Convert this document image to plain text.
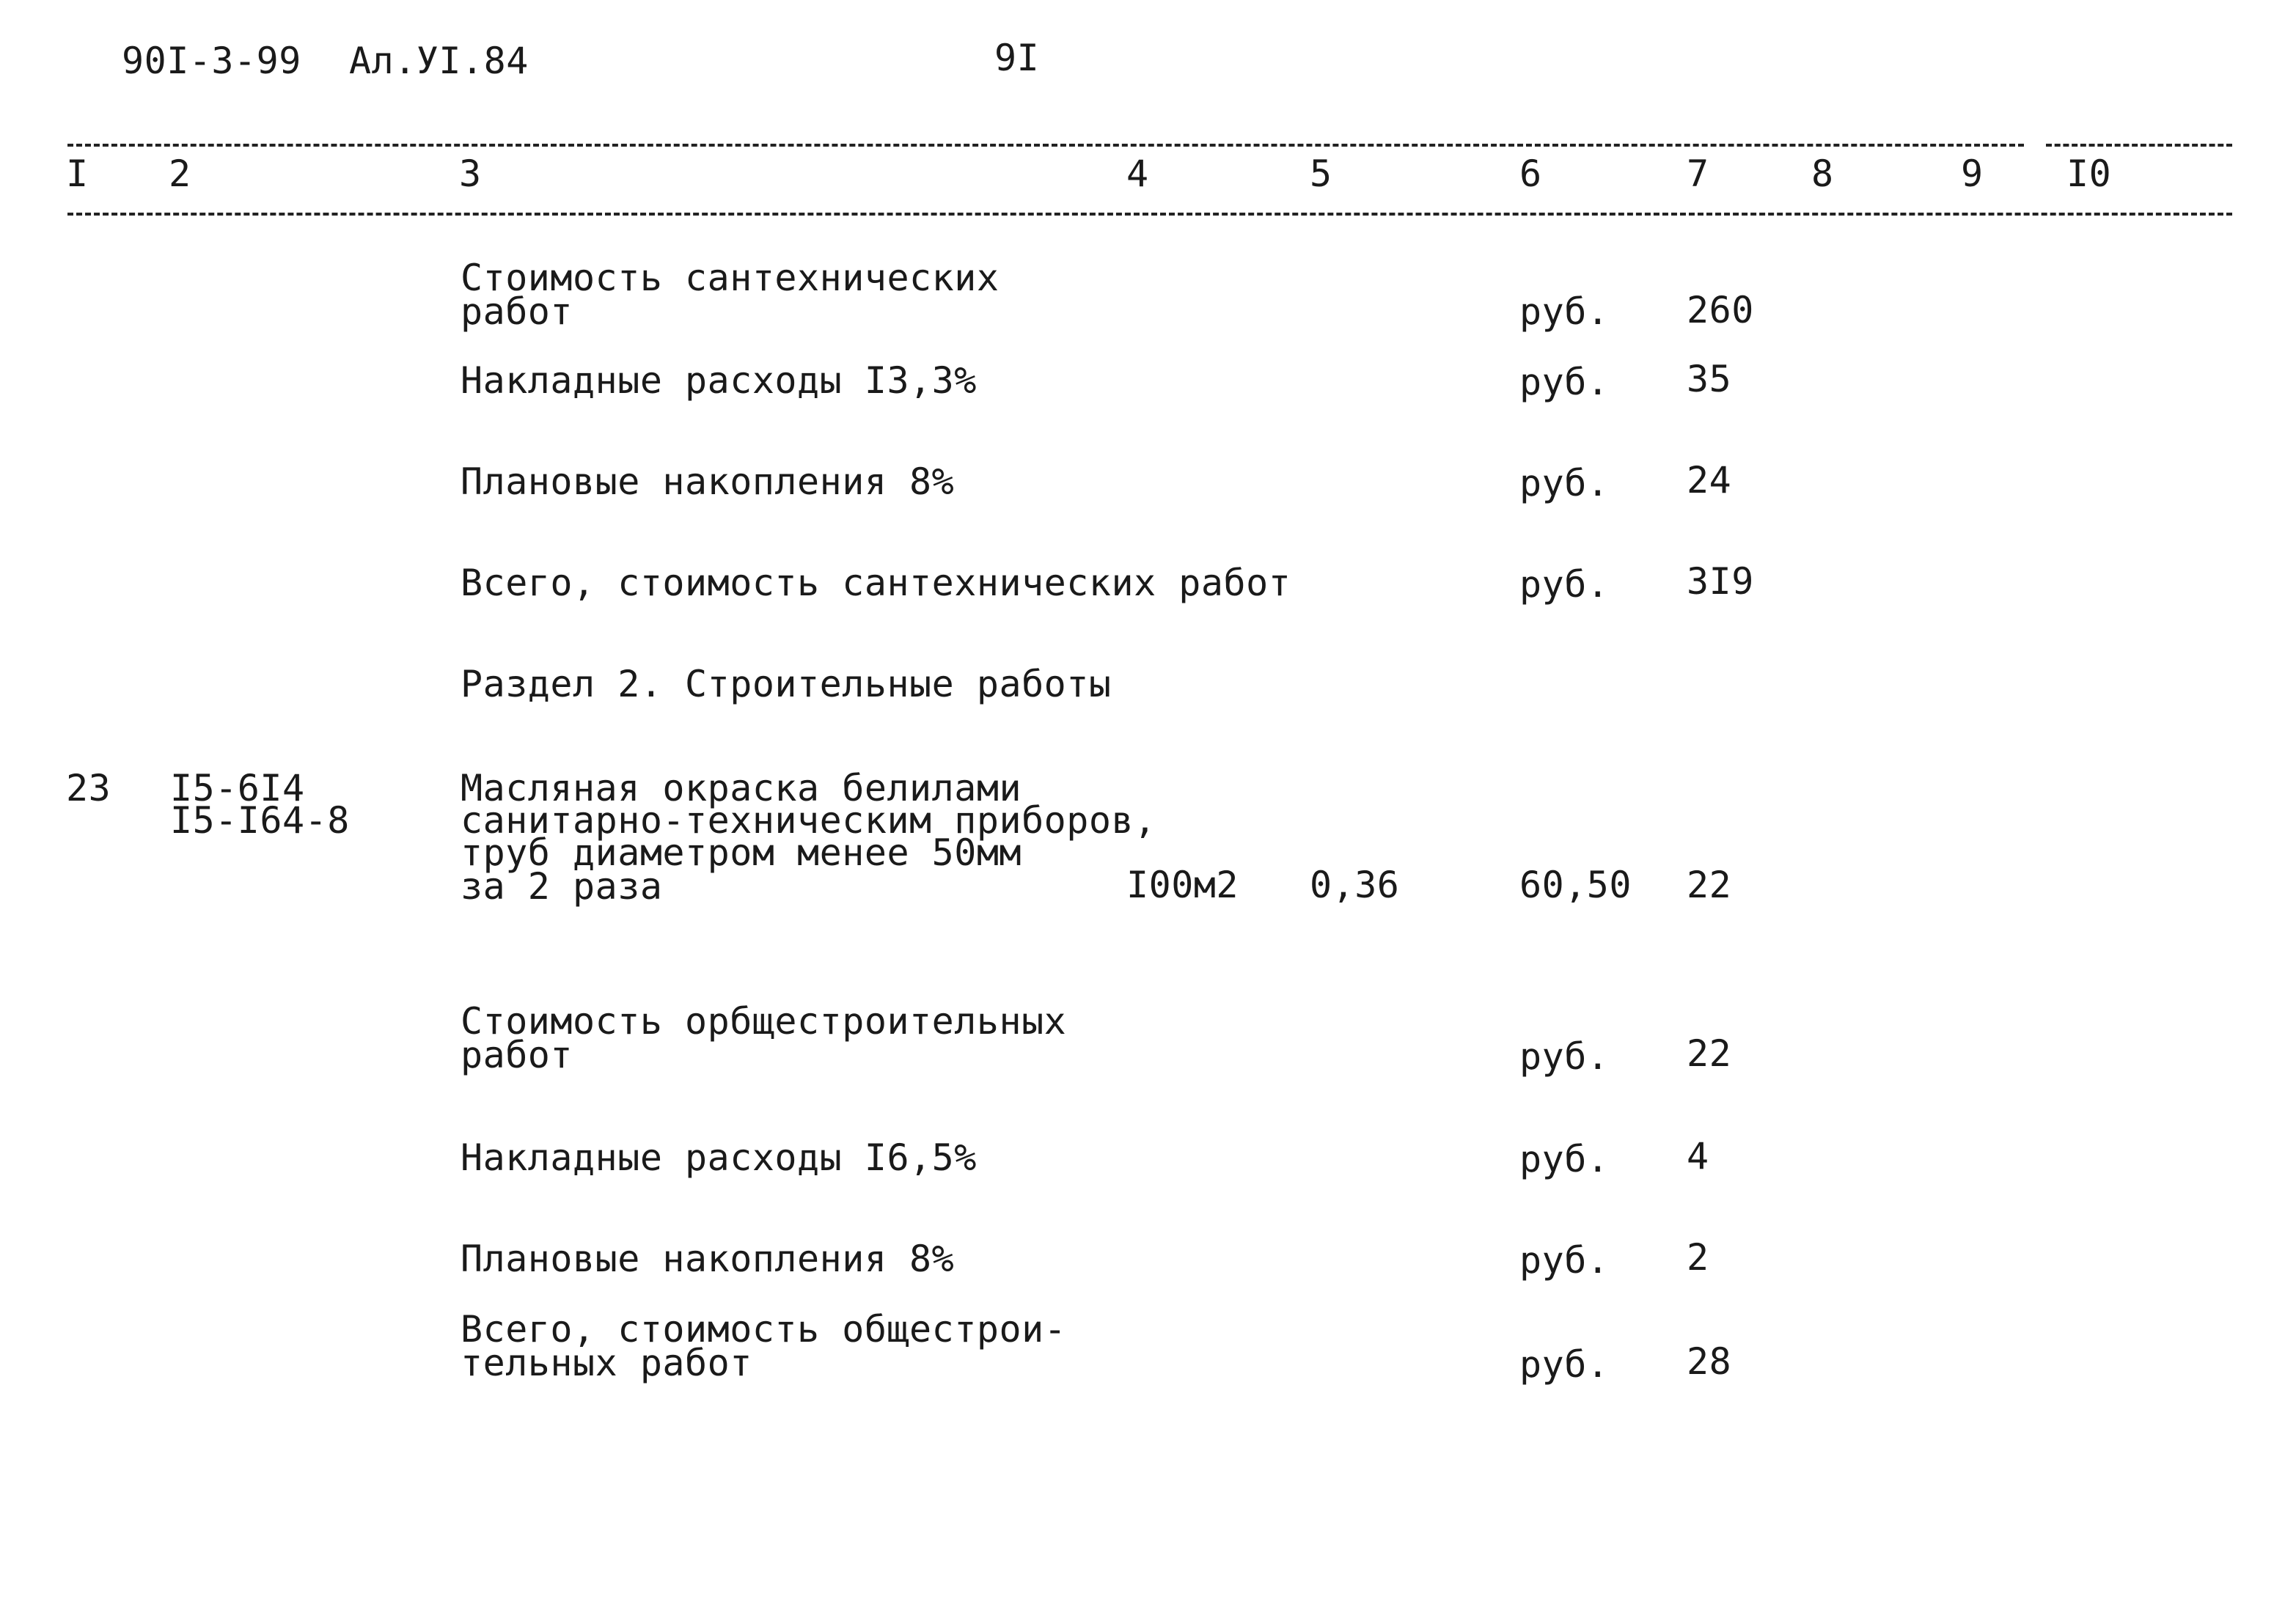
90I-3-99 Ал.УI.84	9I
I 2	3	4	5	6	7	8	9 I0
Стоимость сантехнических
работ	руб. 260
Накладные расходы I3,3%	руб. 35
Плановые накопления 8%	руб. 24
Всего, стоимость сантехнических работ	руб. 3I9
Раздел 2. Строительные работы
23 I5-6I4
I5-I64-8
Масляная окраска белилами
санитарно-техническим приборов,
труб диаметром менее 50мм
за 2 раза	I00м2 0,36	60,50 22
Стоимость орбщестроительных
работ	руб. 22
Накладные расходы I6,5%	руб. 4
Плановые накопления 8%	руб. 2
Всего, стоимость общестрои-
тельных работ	руб. 28
